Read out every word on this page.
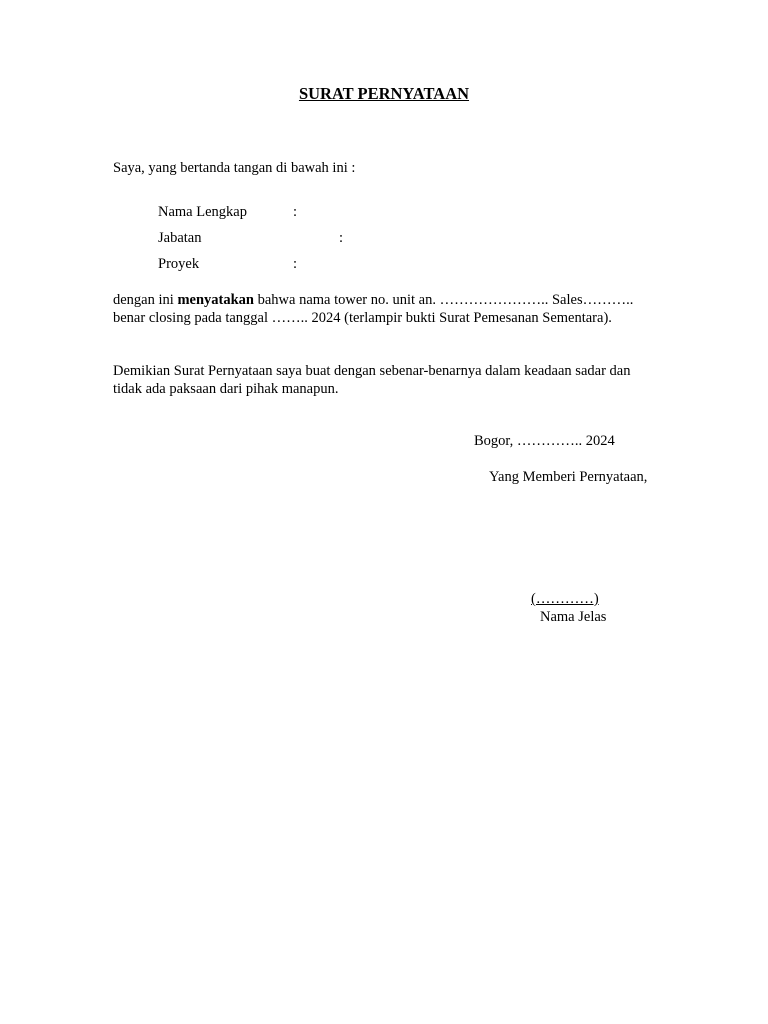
SURAT PERNYATAAN
Saya, yang bertanda tangan di bawah ini :
Nama Lengkap	:
Jabatan	:
Proyek	:
dengan ini menyatakan bahwa nama tower no. unit an. ………………….. Sales………..
benar closing pada tanggal …….. 2024 (terlampir bukti Surat Pemesanan Sementara).
Demikian Surat Pernyataan saya buat dengan sebenar-benarnya dalam keadaan sadar dan
tidak ada paksaan dari pihak manapun.
Bogor, ………….. 2024
Yang Memberi Pernyataan,
(…………)
Nama Jelas
